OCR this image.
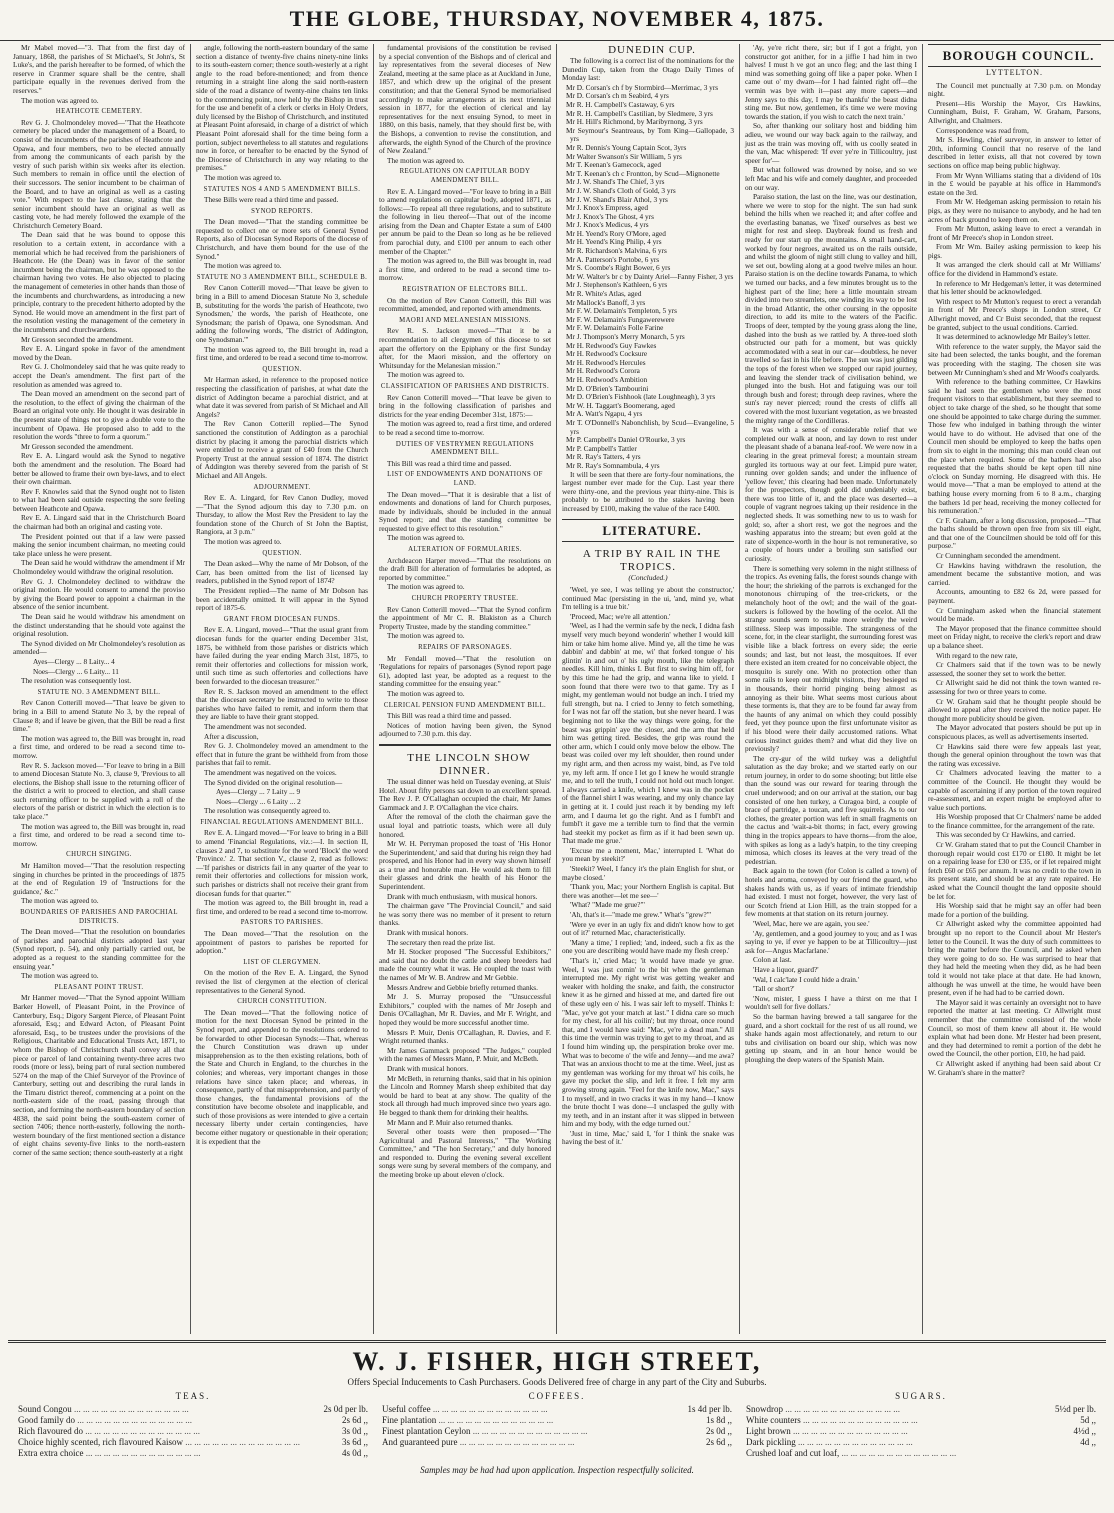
THE GLOBE, THURSDAY, NOVEMBER 4, 1875.

Mr Mabel moved—"3. That from the first day of January, 1868, the parishes of St Michael's, St John's, St Luke's, and the parish hereafter to be formed, of which the reserve in Cranmer square shall be the centre, shall participate equally in the revenues derived from the reserves."

The motion was agreed to.

HEATHCOTE CEMETERY.

Rev G. J. Cholmondeley moved—"That the Heathcote cemetery be placed under the management of a Board, to consist of the incumbents of the parishes of Heathcote and Opawa, and four members, two to be elected annually from among the communicants of each parish by the vestry of such parish within six weeks after its election. Such members to remain in office until the election of their successors. The senior incumbent to be chairman of the Board, and to have an original as well as a casting vote." With respect to the last clause, stating that the senior incumbent should have an original as well as casting vote, he had merely followed the example of the Christchurch Cemetery Board.

The Dean said that he was bound to oppose this resolution to a certain extent, in accordance with a memorial which he had received from the parishioners of Heathcote. He (the Dean) was in favor of the senior incumbent being the chairman, but he was opposed to the chairman having two votes. He also objected to placing the management of cemeteries in other hands than those of the incumbents and churchwardens, as introducing a new principle, contrary to the precedent hitherto adopted by the Synod. He would move an amendment in the first part of the resolution vesting the management of the cemetery in the incumbents and churchwardens.

Mr Gresson seconded the amendment.

Rev E. A. Lingard spoke in favor of the amendment moved by the Dean.

Rev G. J. Cholmondeley said that he was quite ready to accept the Dean's amendment. The first part of the resolution as amended was agreed to.

The Dean moved an amendment on the second part of the resolution, to the effect of giving the chairman of the Board an original vote only. He thought it was desirable in the present state of things not to give a double vote to the incumbent of Opawa. He proposed also to add to the resolution the words "three to form a quorum."

Mr Gresson seconded the amendment.

Rev E. A. Lingard would ask the Synod to negative both the amendment and the resolution. The Board had better be allowed to frame their own bye-laws, and to elect their own chairman.

Rev F. Knowles said that the Synod ought not to listen to what had been said outside respecting the sore feeling between Heathcote and Opawa.

Rev E. A. Lingard said that in the Christchurch Board the chairman had both an original and casting vote.

The President pointed out that if a law were passed making the senior incumbent chairman, no meeting could take place unless he were present.

The Dean said he would withdraw the amendment if Mr Cholmondeley would withdraw the original resolution.

Rev G. J. Cholmondeley declined to withdraw the original motion. He would consent to amend the proviso by giving the Board power to appoint a chairman in the absence of the senior incumbent.

The Dean said he would withdraw his amendment on the distinct understanding that he should vote against the original resolution.

The Synod divided on Mr Cholmondeley's resolution as amended—

Ayes—Clergy ... 8 Laity... 4

Noes—Clergy ... 6 Laity... 11

The resolution was consequently lost.

STATUTE NO. 3 AMENDMENT BILL.

Rev Canon Cotterill moved—"That leave be given to bring in a Bill to amend Statute No 3, by the repeal of Clause 8; and if leave be given, that the Bill be read a first time."

The motion was agreed to, the Bill was brought in, read a first time, and ordered to be read a second time to-morrow.

Rev R. S. Jackson moved—"For leave to bring in a Bill to amend Diocesan Statute No. 3, clause 9, 'Previous to all elections, the Bishop shall issue to the returning officer of the district a writ to proceed to election, and shall cause such returning officer to be supplied with a roll of the electors of the parish or district in which the election is to take place.'"

The motion was agreed to, the Bill was brought in, read a first time, and ordered to be read a second time to-morrow.

CHURCH SINGING.

Mr Hamilton moved—"That the resolution respecting singing in churches be printed in the proceedings of 1875 at the end of Regulation 19 of 'Instructions for the guidance,' &c."

The motion was agreed to.

BOUNDARIES OF PARISHES AND PAROCHIAL DISTRICTS.

The Dean moved—"That the resolution on boundaries of parishes and parochial districts adopted last year (Synod report, p. 54), and only partially carried out, be adopted as a request to the standing committee for the ensuing year."

The motion was agreed to.

PLEASANT POINT TRUST.

Mr Hanmer moved—"That the Synod appoint William Barker Howell, of Pleasant Point, in the Province of Canterbury, Esq.; Digory Sargent Pierce, of Pleasant Point aforesaid, Esq.; and Edward Acton, of Pleasant Point aforesaid, Esq., to be trustees under the provisions of the Religious, Charitable and Educational Trusts Act, 1871, to whom the Bishop of Christchurch shall convey all that piece or parcel of land containing twenty-three acres two roods (more or less), being part of rural section numbered 5274 on the map of the Chief Surveyor of the Province of Canterbury, setting out and describing the rural lands in the Timaru district thereof, commencing at a point on the north-eastern side of the road, passing through that section, and forming the north-eastern boundary of section 4838, the said point being the south-eastern corner of section 7406; thence north-easterly, following the north-western boundary of the first mentioned section a distance of eight chains seventy-five links to the north-eastern corner of the same section; thence south-easterly at a right

angle, following the north-eastern boundary of the same section a distance of twenty-five chains ninety-nine links to its south-eastern corner; thence south-westerly at a right angle to the road before-mentioned; and from thence returning in a straight line along the said north-eastern side of the road a distance of twenty-nine chains ten links to the commencing point, now held by the Bishop in trust for the use and benefit of a clerk or clerks in Holy Orders, duly licensed by the Bishop of Christchurch, and instituted at Pleasant Point aforesaid, in charge of a district of which Pleasant Point aforesaid shall for the time being form a portion, subject nevertheless to all statutes and regulations now in force, or hereafter to be enacted by the Synod of the Diocese of Christchurch in any way relating to the premises."

The motion was agreed to.

STATUTES NOS 4 AND 5 AMENDMENT BILLS.

These Bills were read a third time and passed.

SYNOD REPORTS.

The Dean moved—"That the standing committee be requested to collect one or more sets of General Synod Reports, also of Diocesan Synod Reports of the diocese of Christchurch, and have them bound for the use of the Synod."

The motion was agreed to.

STATUTE NO 3 AMENDMENT BILL, SCHEDULE B.

Rev Canon Cotterill moved—"That leave be given to bring in a Bill to amend Diocesan Statute No 3, schedule B, substituting for the words 'the parish of Heathcote, two Synodsmen,' the words, 'the parish of Heathcote, one Synodsman; the parish of Opawa, one Synodsman. And adding the following words, 'The district of Addington, one Synodsman.'"

The motion was agreed to, the Bill brought in, read a first time, and ordered to be read a second time to-morrow.

QUESTION.

Mr Harman asked, in reference to the proposed notice respecting the classification of parishes, at what date the district of Addington became a parochial district, and at what date it was severed from parish of St Michael and All Angels?

The Rev Canon Cotterill replied—The Synod sanctioned the constitution of Addington as a parochial district by placing it among the parochial districts which were entitled to receive a grant of £40 from the Church Property Trust at the annual session of 1874. The district of Addington was thereby severed from the parish of St Michael and All Angels.

ADJOURNMENT.

Rev E. A. Lingard, for Rev Canon Dudley, moved—"That the Synod adjourn this day to 7.30 p.m. on Thursday, to allow the Most Rev the President to lay the foundation stone of the Church of St John the Baptist, Rangiora, at 3 p.m."

The motion was agreed to.

QUESTION.

The Dean asked—Why the name of Mr Dobson, of the Carr, has been omitted from the list of licensed lay readers, published in the Synod report of 1874?

The President replied—The name of Mr Dobson has been accidentally omitted. It will appear in the Synod report of 1875-6.

GRANT FROM DIOCESAN FUNDS.

Rev E. A. Lingard, moved—"That the usual grant from diocesan funds for the quarter ending December 31st, 1875, be withheld from those parishes or districts which have failed during the year ending March 31st, 1875, to remit their offertories and collections for mission work, until such time as such offertories and collections have been forwarded to the diocesan treasurer."

Rev R. S. Jackson moved an amendment to the effect that the diocesan secretary be instructed to write to those parishes who have failed to remit, and inform them that they are liable to have their grant stopped.

The amendment was not seconded.

After a discussion,

Rev G. J. Cholmondeley moved an amendment to the effect that in future the grant be withheld from from those parishes that fail to remit.

The amendment was negatived on the voices.

The Synod divided on the original resolution—

Ayes—Clergy ... 7 Laity ... 9

Noes—Clergy ... 6 Laity ... 2

The resolution was consequently agreed to.

FINANCIAL REGULATIONS AMENDMENT BILL.

Rev E. A. Lingard moved—"For leave to bring in a Bill to amend 'Financial Regulations, viz.:—I. In section II, clauses 2 and 7, to substitute for the word 'Block' the word 'Province.' 2. That section V., clause 2, read as follows:—'If parishes or districts fail in any quarter of the year to remit their offertories and collections for mission work, such parishes or districts shall not receive their grant from diocesan funds for that quarter.'"

The motion was agreed to, the Bill brought in, read a first time, and ordered to be read a second time to-morrow.

PASTORS TO PARISHES.

The Dean moved—"That the resolution on the appointment of pastors to parishes be reported for adoption."

LIST OF CLERGYMEN.

On the motion of the Rev E. A. Lingard, the Synod revised the list of clergymen at the election of clerical representatives to the General Synod.

CHURCH CONSTITUTION.

The Dean moved—"That the following notice of motion for the next Diocesan Synod be printed in the Synod report, and appended to the resolutions ordered to be forwarded to other Diocesan Synods:—That, whereas the Church Constitution was drawn up under misapprehension as to the then existing relations, both of the State and Church in England, to the churches in the colonies; and whereas, very important changes in those relations have since taken place; and whereas, in consequence, partly of that misapprehension, and partly of those changes, the fundamental provisions of the constitution have become obsolete and inapplicable, and such of those provisions as were intended to give a certain necessary liberty under certain contingencies, have become either nugatory or questionable in their operation; it is expedient that the

fundamental provisions of the constitution be revised by a special convention of the Bishops and of clerical and lay representatives from the several dioceses of New Zealand, meeting at the same place as at Auckland in June, 1857, and which drew up the original of the present constitution; and that the General Synod be memorialised accordingly to make arrangements at its next triennial session in 1877, for the election of clerical and lay representatives for the next ensuing Synod, to meet in 1880, on this basis, namely, that they should first be, with the Bishops, a convention to revise the constitution, and afterwards, the eighth Synod of the Church of the province of New Zealand."

The motion was agreed to.

REGULATIONS ON CAPITULAR BODY AMENDMENT BILL.

Rev E. A. Lingard moved—"For leave to bring in a Bill to amend regulations on capitular body, adopted 1871, as follows:—To repeal all three regulations, and to substitute the following in lieu thereof—That out of the income arising from the Dean and Chapter Estate a sum of £400 per annum be paid to the Dean so long as he be relieved from parochial duty, and £100 per annum to each other member of the Chapter."

The motion was agreed to, the Bill was brought in, read a first time, and ordered to be read a second time to-morrow.

REGISTRATION OF ELECTORS BILL.

On the motion of Rev Canon Cotterill, this Bill was recommitted, amended, and reported with amendments.

MAORI AND MELANESIAN MISSIONS.

Rev R. S. Jackson moved—"That it be a recommendation to all clergymen of this diocese to set apart the offertory on the Epiphany or the first Sunday after, for the Maori mission, and the offertory on Whitsunday for the Melanesian mission."

The motion was agreed to.

CLASSIFICATION OF PARISHES AND DISTRICTS.

Rev Canon Cotterill moved—"That leave be given to bring in the following classification of parishes and districts for the year ending December 31st, 1875:—

The motion was agreed to, read a first time, and ordered to be read a second time to-morrow.

DUTIES OF VESTRYMEN REGULATIONS AMENDMENT BILL.

This Bill was read a third time and passed.

LIST OF ENDOWMENTS AND DONATIONS OF LAND.

The Dean moved—"That it is desirable that a list of endowments and donations of land for Church purposes, made by individuals, should be included in the annual Synod report; and that the standing committee be requested to give effect to this resolution."

The motion was agreed to.

ALTERATION OF FORMULARIES.

Archdeacon Harper moved—"That the resolutions on the draft Bill for alteration of formularies be adopted, as reported by committee."

The motion was agreed to.

CHURCH PROPERTY TRUSTEE.

Rev Canon Cotterill moved—"That the Synod confirm the appointment of Mr C. R. Blakiston as a Church Property Trustee, made by the standing committee."

The motion was agreed to.

REPAIRS OF PARSONAGES.

Mr Fendall moved—"That the resolution on 'Regulations for repairs of parsonages (Synod report page 61), adopted last year, be adopted as a request to the standing committee for the ensuing year."

The motion was agreed to.

CLERICAL PENSION FUND AMENDMENT BILL.

This Bill was read a third time and passed.

Notices of motion having been given, the Synod adjourned to 7.30 p.m. this day.

THE LINCOLN SHOW DINNER.

The usual dinner was held on Tuesday evening, at Sluis' Hotel. About fifty persons sat down to an excellent spread. The Rev J. P. O'Callaghan occupied the chair, Mr James Gammack and J. P. O'Callaghan the vice chairs.

After the removal of the cloth the chairman gave the usual loyal and patriotic toasts, which were all duly honored.

Mr W. H. Perryman proposed the toast of 'His Honor the Superintendent,' and said that during his reign they had prospered, and his Honor had in every way shown himself as a true and honorable man. He would ask them to fill their glasses and drink the health of his Honor the Superintendent.

Drank with much enthusiasm, with musical honors.

The chairman gave "The Provincial Council," and said he was sorry there was no member of it present to return thanks.

Drank with musical honors.

The secretary then read the prize list.

Mr H. Stocker proposed "The Successful Exhibitors," and said that no doubt the cattle and sheep breeders had made the country what it was. He coupled the toast with the names of Mr W. B. Andrew and Mr Gebbie.

Messrs Andrew and Gebbie briefly returned thanks.

Mr J. S. Murray proposed the "Unsuccessful Exhibitors," coupled with the names of Mr Joseph and Denis O'Callaghan, Mr R. Davies, and Mr F. Wright, and hoped they would be more successful another time.

Messrs P. Muir, Denis O'Callaghan, R. Davies, and F. Wright returned thanks.

Mr James Gammack proposed "The Judges," coupled with the names of Messrs Mann, P. Muir, and McBeth.

Drank with musical honors.

Mr McBeth, in returning thanks, said that in his opinion the Lincoln and Romney Marsh sheep exhibited that day would be hard to beat at any show. The quality of the stock all through had much improved since two years ago. He begged to thank them for drinking their healths.

Mr Mann and P. Muir also returned thanks.

Several other toasts were then proposed—"The Agricultural and Pastoral Interests," "The Working Committee," and "The hon Secretary," and duly honored and responded to. During the evening several excellent songs were sung by several members of the company, and the meeting broke up about eleven o'clock.

DUNEDIN CUP.

The following is a correct list of the nominations for the Dunedin Cup, taken from the Otago Daily Times of Monday last:

Mr D. Corsan's ch f by Stormbird—Merrimac, 3 yrs
Mr D. Corsan's ch m Seabird, 4 yrs
Mr R. H. Campbell's Castaway, 6 yrs
Mr R. H. Campbell's Castilian, by Sledmere, 3 yrs
Mr H. Hill's Richmond, by Maribyrnong, 3 yrs
Mr Seymour's Seantreaus, by Tom King—Gallopade, 3 yrs
Mr R. Dennis's Young Captain Scot, 3yrs
Mr Walter Swanson's Sir William, 5 yrs
Mr T. Keenan's Gamecock, aged
Mr T. Keenan's ch c Frontton, by Scud—Mignonette
Mr J. W. Shand's The Chief, 3 yrs
Mr J. W. Shand's Cloth of Gold, 3 yrs
Mr J. W. Shand's Blair Athol, 3 yrs
Mr J. Knox's Empress, aged
Mr J. Knox's The Ghost, 4 yrs
Mr J. Knox's Medicus, 4 yrs
Mr H. Yeend's Rory O'More, aged
Mr H. Yeend's King Philip, 4 yrs
Mr R. Richardson's Malvina, 6 yrs
Mr A. Patterson's Portobe, 6 yrs
Mr S. Coombe's Right Bower, 6 yrs
Mr W. Walter's br c by Dainty Ariel—Fanny Fisher, 3 yrs
Mr J. Stephenson's Kathleen, 6 yrs
Mr R. White's Atlas, aged
Mr Mallock's Banoff, 3 yrs
Mr F. W. Delamain's Templeton, 5 yrs
Mr F. W. Delamain's Fungawerewere
Mr F. W. Delamain's Folle Farine
Mr J. Thompson's Merry Monarch, 5 yrs
Mr H. Redwood's Guy Fawkes
Mr H. Redwood's Cocksure
Mr H. Redwood's Hercules
Mr H. Redwood's Corora
Mr H. Redwood's Ambition
Mr D. O'Brien's Tambourini
Mr D. O'Brien's Fishhook (late Loughneagh), 3 yrs
Mr W. H. Taggart's Boomerang, aged
Mr A. Watt's Ngapu, 4 yrs
Mr T. O'Donnell's Nabonchlish, by Scud—Evangeline, 5 yrs
Mr P. Campbell's Daniel O'Rourke, 3 yrs
Mr P. Campbell's Tattler
Mr R. Ray's Tatters, 4 yrs
Mr R. Ray's Somnambula, 4 yrs

It will be seen that there are forty-four nominations, the largest number ever made for the Cup. Last year there were thirty-one, and the previous year thirty-nine. This is probably to be attributed to the stakes having been increased by £100, making the value of the race £400.

LITERATURE.

A TRIP BY RAIL IN THE TROPICS.

(Concluded.)

'Weel, ye see, I was telling ye about the constructor,' continued Mac (persisting in the ui, 'and, mind ye, what I'm telling is a true bit.'

'Proceed, Mac; we're all attention.'

'Weel, as I had the vermin safe by the neck, I didna fash myself very much beyond wonderin' whether I would kill him or take him home alive. Mind ye, all the time he was dabbin' and dabbin' at me, wi' that forked tongue o' his glintin' in and out o' his ugly mouth, like the telegraph needles. Kill him, thinks I. But first to swing him off, for by this time he had the grip, and wanna like to yield. I soon found that there were two to that game. Try as I might, my gentleman would not budge an inch. I tried my full strength, but na. I cried to Jenny to fetch something, for I was not far off the station, but she never heard. I was beginning not to like the way things were going, for the beast was grippin' aye the closer, and the arm that held him was getting tired. Besides, the grip was round the other arm, which I could only move below the elbow. The beast was coiled over my left shoulder, then round under my right arm, and then across my waist, bind, as I've told ye, my left arm. If once I let go I knew he would strangle me, and to tell the truth, I could not hold out much longer. I always carried a knife, which I knew was in the pocket of the flannel shirt I was wearing, and my only chance lay in getting at it. I could just reach it by bending my left arm, and I daurna let go the right. And as I fumbl't and fumbl't it gave me a terrible turn to find that the vermin had steekit my pocket as firm as if it had been sewn up. That made me grue.'

'Excuse me a moment, Mac,' interrupted I. 'What do you mean by steekit?'

'Steekit? Weel, I fancy it's the plain English for shut, or maybe closed.'

'Thank you, Mac; your Northern English is capital. But there was another—let me see—'

'What? "Made me grue?"'

'Ah, that's it—"made me grew." What's "grew?"'

'Were ye ever in an ugly fix and didn't know how to get out of it?' returned Mac, characteristically.

'Many a time,' I replied; 'and, indeed, such a fix as the one you are describing would have made my flesh creep.'

'That's it,' cried Mac; 'it would have made ye grue. Weel, I was just comin' to the bit when the gentleman interrupted me. My right wrist was getting weaker and weaker with holding the snake, and faith, the constructor knew it as he girned and hissed at me, and darted fire out of these ugly een o' his. I was sair left to myself. Thinks I: "Mac, ye've got your match at last." I didna care so much for my chest, for all his coilin'; but my throat, once round that, and I would have said: "Mac, ye're a dead man." All this time the vermin was trying to get to my throat, and as I found him winding up, the perspiration broke over me. What was to become o' the wife and Jenny—and me awa? That was an anxious thocht to me at the time. Weel, just as my gentleman was working for my throat wi' his coils, he gave my pocket the slip, and left it free. I felt my arm growing strong again. "Feel for the knife now, Mac," says I to myself, and in two cracks it was in my hand—I know the brute thocht I was done—I unclasped the gully with my teeth, and in an instant after it was slipped in between him and my body, with the edge turned out.'

'Just in time, Mac,' said I, 'for I think the snake was having the best of it.'

'Ay, ye're richt there, sir; but if I got a fright, yon constructor got anither, for in a jiffie I had him in two halves! I must h ve got an unco fleg; and the last thing I mind was something going off like a paper poke. When I came out o' my dwam—for I had fainted right off—the vermin was bye with it—past any more capers—and Jenny says to this day, I may be thankfu' the beast didna sting me. But now, gentlemen, it's time we were moving towards the station, if you wish to catch the next train.'

So, after thanking our solitary host and bidding him adieu, we wound our way back again to the railway, and just as the train was moving off, with us coolly seated in the van, Mac whispered: 'If ever ye're in Tillicoultry, just speer for'—

But what followed was drowned by noise, and so we left Mac and his wife and comely daughter, and proceeded on our way.

Paraiso station, the last on the line, was our destination, where we were to stop for the night. The sun had sunk behind the hills when we reached it; and after coffee and the everlasting bananas, we 'fixed' ourselves as best we might for rest and sleep. Daybreak found us fresh and ready for our start up the mountains. A small hand-cart, worked by four negroes, awaited us on the rails outside, and whilst the gloom of night still clung to valley and hill, we set out, bowling along at a good twelve miles an hour. Paraiso station is on the decline towards Panama, to which we turned our backs, and a few minutes brought us to the highest part of the line; here a little mountain stream divided into two streamlets, one winding its way to be lost in the broad Atlantic, the other coursing in the opposite direction, to add its mite to the waters of the Pacific. Troops of deer, tempted by the young grass along the line, dashed into the bush as we rattled by. A three-toed sloth obstructed our path for a moment, but was quickly accommodated with a seat in our car—doubtless, he never travelled so fast in his life before. The sun was just gilding the tops of the forest when we stopped our rapid journey, and leaving the slender track of civilisation behind, we plunged into the bush. Hot and fatiguing was our toil through bush and forest; through deep ravines, where the sun's ray never pierced; round the crests of cliffs all covered with the most luxuriant vegetation, as we breasted the mighty range of the Cordilleras.

It was with a sense of considerable relief that we completed our walk at noon, and lay down to rest under the pleasant shade of a banana leaf-roof. We were now in a clearing in the great primeval forest; a mountain stream gurgled its tortuous way at our feet. Limpid pure water, running over golden sands; and under the influence of 'yellow fever,' this clearing had been made. Unfortunately for the prospectors, though gold did undeniably exist, there was too little of it, and the place was deserted—a couple of vagrant negroes taking up their residence in the neglected sheds. It was something new to us to wash for gold; so, after a short rest, we got the negroes and the washing apparatus into the stream; but even gold at the rate of sixpence-worth in the hour is not remunerative, so a couple of hours under a broiling sun satisfied our curiosity.

There is something very solemn in the night stillness of the tropics. As evening falls, the forest sounds change with the hour; the shrieking of the parrots is exchanged for the monotonous chirruping of the tree-crickets, or the melancholy hoot of the owl; and the wail of the goat-suckers is followed by the howling of the ocelot. All the strange sounds seem to make more weirdly the weird stillness. Sleep was impossible. The strangeness of the scene, for, in the clear starlight, the surrounding forest was visible like a black fortress on every side; the eerie sounds; and last, but not least, the mosquitoes. If ever there existed an item created for no conceivable object, the mosquito is surely one. With no protection other than some rails to keep out midnight visitors, they besieged us in thousands, their horrid pinging being almost as annoying as their bite. What seems most curious about these torments is, that they are to be found far away from the haunts of any animal on which they could possibly feed, yet they pounce upon the first unfortunate visitor as if his blood were their daily accustomed rations. What curious instinct guides them? and what did they live on previously?

The cry-gur of the wild turkey was a delightful salutation as the day broke; and we started early on our return journey, in order to do some shooting; but little else than the sound was our reward for tearing through the cruel underwood; and on our arrival at the station, our bag consisted of one hen turkey, a Curagoa bird, a couple of brace of partridge, a toucan, and five squirrels. As to our clothes, the greater portion was left in small fragments on the cactus and 'wait-a-bit thorns; in fact, every growing thing in the tropics appears to have thorns—from the aloe, with spikes as long as a lady's hatpin, to the tiny creeping mimosa, which closes its leaves at the very tread of the pedestrian.

Back again to the town (for Colon is called a town) of hotels and aroma, conveyed by our friend the guard, who shakes hands with us, as if years of intimate friendship had existed. I must not forget, however, the very last of our Scotch friend at Lion Hill, as the train stopped for a few moments at that station on its return journey.

'Weel, Mac, here we are again, you see.'

'Ay, gentlemen, and a good journey to you; and as I was saying to ye, if ever ye happen to be at Tillicoultry—just ask for—Angus Macfarlane.'

Colon at last.

'Have a liquor, guard?'

'Wal, I calc'late I could hide a drain.'

'Tall or short?'

'Now, mister, I guess I have a thirst on me that I wouldn't sell for five dollars.'

So the barman having brewed a tall sangaree for the guard, and a short cocktail for the rest of us all round, we shake hands again most affectionately, and return to our tubs and civilisation on board our ship, which was now getting up steam, and in an hour hence would be ploughing the deep waters of the Spanish Main.

BOROUGH COUNCIL.

LYTTELTON.

The Council met punctually at 7.30 p.m. on Monday night.

Present—His Worship the Mayor, Crs Hawkins, Cunningham, Buist, F. Graham, W. Graham, Parsons, Allwright, and Chalmers.

Correspondence was read from,

Mr S. Hewling, chief surveyor, in answer to letter of 20th, informing Council that no reserve of the land described in letter exists, all that not covered by town sections on office map being public highway.

From Mr Wynn Williams stating that a dividend of 10s in the £ would be payable at his office in Hammond's estate on the 3rd.

From Mr W. Hedgeman asking permission to retain his pigs, as they were no nuisance to anybody, and he had ten acres of back ground to keep them on.

From Mr Mutton, asking leave to erect a verandah in front of Mr Preece's shop in London street.

From Mr Wm. Bailey asking permission to keep his pigs.

It was arranged the clerk should call at Mr Williams' office for the dividend in Hammond's estate.

In reference to Mr Hedgeman's letter, it was determined that his letter should be acknowledged.

With respect to Mr Mutton's request to erect a verandah in front of Mr Preece's shops in London street, Cr Allwright moved, and Cr Buist seconded, that the request be granted, subject to the usual conditions. Carried.

It was determined to acknowledge Mr Bailey's letter.

With reference to the water supply, the Mayor said the site had been selected, the tanks bought, and the foreman was proceeding with the staging. The chosen site was between Mr Cunningham's shed and Mr Wood's coalyards.

With reference to the bathing committee, Cr Hawkins said he had seen the gentlemen who were the most frequent visitors to that establishment, but they seemed to object to take charge of the shed, so he thought that some one should be appointed to take charge during the summer. Those few who indulged in bathing through the winter would have to do without. He advised that one of the Council men should be employed to keep the baths open from six to eight in the morning; this man could clean out the place when required. Some of the bathers had also requested that the baths should be kept open till nine o'clock on Sunday morning. He disagreed with this. He would move—"That a man be employed to attend at the bathing house every morning from 6 to 8 a.m., charging the bathers 1d per head, receiving the money collected for his remuneration."

Cr F. Graham, after a long discussion, proposed—"That the baths should be thrown open free from six till eight, and that one of the Councilmen should be told off for this purpose."

Cr Cunningham seconded the amendment.

Cr Hawkins having withdrawn the resolution, the amendment became the substantive motion, and was carried.

Accounts, amounting to £82 6s 2d, were passed for payment.

Cr Cunningham asked when the financial statement would be made.

The Mayor proposed that the finance committee should meet on Friday night, to receive the clerk's report and draw up a balance sheet.

With regard to the new rate,

Cr Chalmers said that if the town was to be newly assessed, the sooner they set to work the better.

Cr Allwright said he did not think the town wanted re-assessing for two or three years to come.

Cr W. Graham said that he thought people should be allowed to appeal after they received the notice paper. He thought more publicity should be given.

The Mayor advocated that posters should be put up in conspicuous places, as well as advertisements inserted.

Cr Hawkins said there were few appeals last year, though the general opinion throughout the town was that the rating was excessive.

Cr Chalmers advocated leaving the matter to a committee of the Council. He thought they would be capable of ascertaining if any portion of the town required re-assessment, and an expert might be employed after to value such portions.

His Worship proposed that Cr Chalmers' name be added to the finance committee, for the arrangement of the rate.

This was seconded by Cr Hawkins, and carried.

Cr W. Graham stated that to put the Council Chamber in thorough repair would cost £170 or £180. It might be let on a repairing lease for £30 or £35, or if let repaired might fetch £60 or £65 per annum. It was no credit to the town in its present state, and should be at any rate repaired. He asked what the Council thought the land opposite should be let for.

His Worship said that he might say an offer had been made for a portion of the building.

Cr Allwright asked why the committee appointed had brought up no report to the Council about Mr Hester's letter to the Council. It was the duty of such committees to bring the matter before the Council, and he asked when they were going to do so. He was surprised to hear that they had held the meeting when they did, as he had been told it would not take place at that date. He had known, although he was unwell at the time, he would have been present, even if he had had to be carried down.

The Mayor said it was certainly an oversight not to have reported the matter at last meeting. Cr Allwright must remember that the committee consisted of the whole Council, so most of them knew all about it. He would explain what had been done. Mr Hester had been present, and they had determined to remit a portion of the debt he owed the Council, the other portion, £10, he had paid.

Cr Allwright asked if anything had been said about Cr W. Graham's share in the matter?

W. J. FISHER, HIGH STREET,

Offers Special Inducements to Cash Purchasers. Goods Delivered free of charge in any part of the City and Suburbs.

TEAS.
Sound Congou ... .	2s 0d per lb.
Good family do ... .	2s 6d ,,
Rich flavoured do ... .	3s 0d ,,
Choice highly scented, rich flavoured Kaisow ... .	3s 6d ,,
Extra extra choice ... .	4s 0d ,,
COFFEES.
Useful coffee ... .	1s 4d per lb.
Fine plantation ... .	1s 8d ,,
Finest plantation Ceylon ... .	2s 0d ,,
And guaranteed pure ... .	2s 6d ,,
SUGARS.
Snowdrop ... .	5½d per lb.
White counters ... .	5d ,,
Light brown ... .	4½d ,,
Dark pickling ... .	4d ,,
Crushed loaf and cut loaf, ... .

Samples may be had had upon application. Inspection respectfully solicited.
